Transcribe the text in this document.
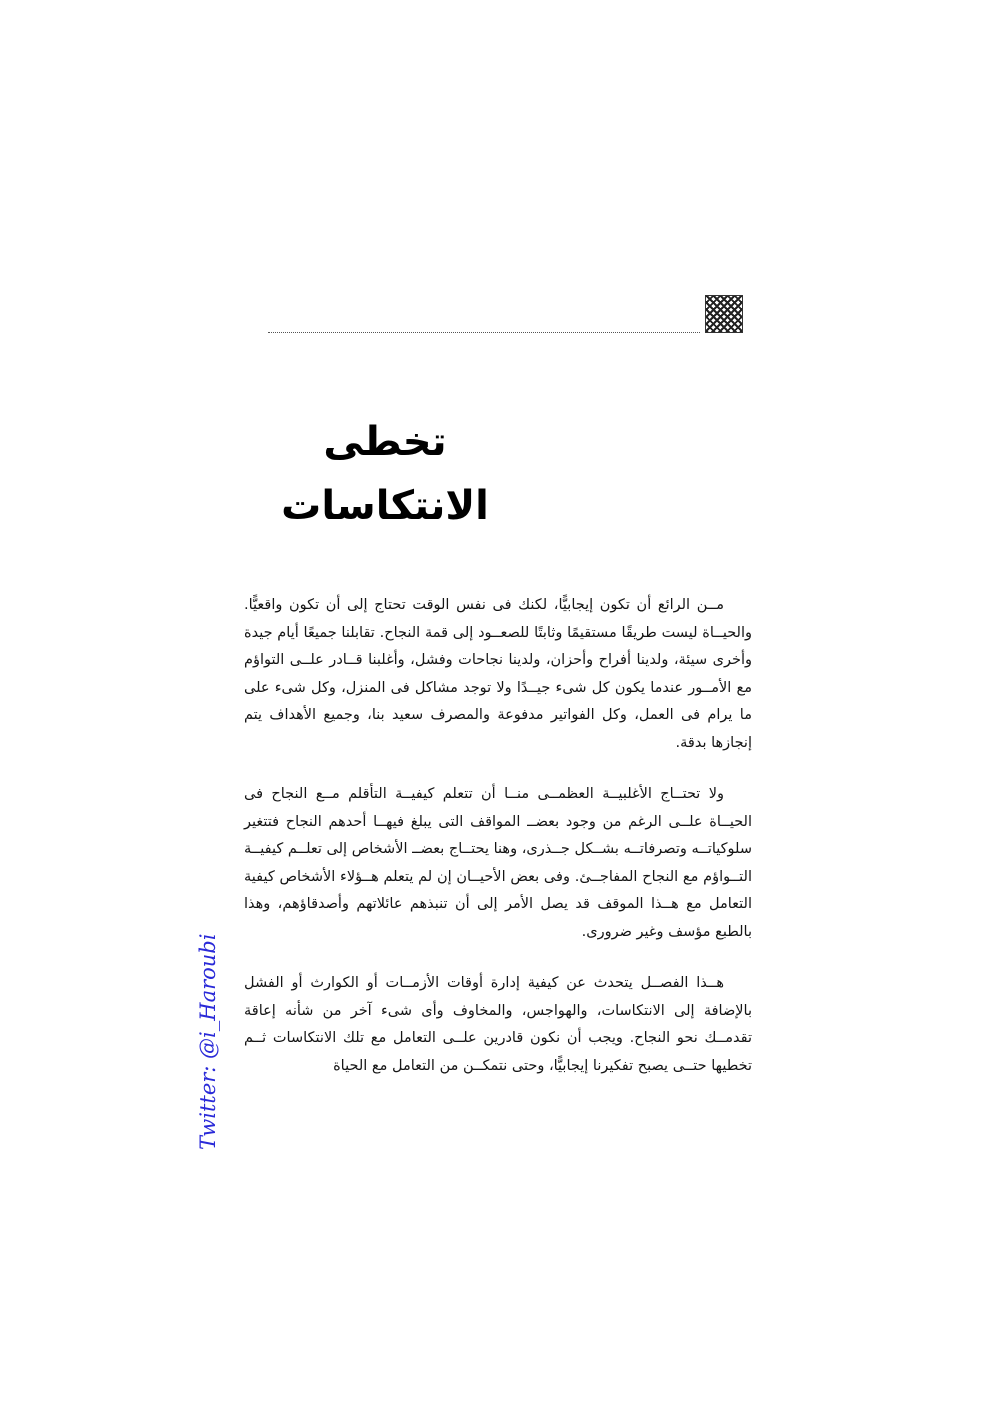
تخطى الانتكاسات

مــن الرائع أن تكون إيجابيًّا، لكنك فى نفس الوقت تحتاج إلى أن تكون واقعيًّا. والحيــاة ليست طريقًا مستقيمًا وثابتًا للصعــود إلى قمة النجاح. تقابلنا جميعًا أيام جيدة وأخرى سيئة، ولدينا أفراح وأحزان، ولدينا نجاحات وفشل، وأغلبنا قــادر علــى التواؤم مع الأمــور عندما يكون كل شىء جيــدًا ولا توجد مشاكل فى المنزل، وكل شىء على ما يرام فى العمل، وكل الفواتير مدفوعة والمصرف سعيد بنا، وجميع الأهداف يتم إنجازها بدقة.

ولا تحتــاج الأغلبيــة العظمــى منــا أن تتعلم كيفيــة التأقلم مــع النجاح فى الحيــاة علــى الرغم من وجود بعضــ المواقف التى يبلغ فيهــا أحدهم النجاح فتتغير سلوكياتــه وتصرفاتــه بشــكل جــذرى، وهنا يحتــاج بعضــ الأشخاص إلى تعلــم كيفيــة التــواؤم مع النجاح المفاجــئ. وفى بعض الأحيــان إن لم يتعلم هــؤلاء الأشخاص كيفية التعامل مع هــذا الموقف قد يصل الأمر إلى أن تنبذهم عائلاتهم وأصدقاؤهم، وهذا بالطبع مؤسف وغير ضرورى.

هــذا الفصــل يتحدث عن كيفية إدارة أوقات الأزمــات أو الكوارث أو الفشل بالإضافة إلى الانتكاسات، والهواجس، والمخاوف وأى شىء آخر من شأنه إعاقة تقدمــك نحو النجاح. ويجب أن نكون قادرين علــى التعامل مع تلك الانتكاسات ثــم تخطيها حتــى يصبح تفكيرنا إيجابيًّا، وحتى نتمكــن من التعامل مع الحياة

Twitter: @i_Haroubi
